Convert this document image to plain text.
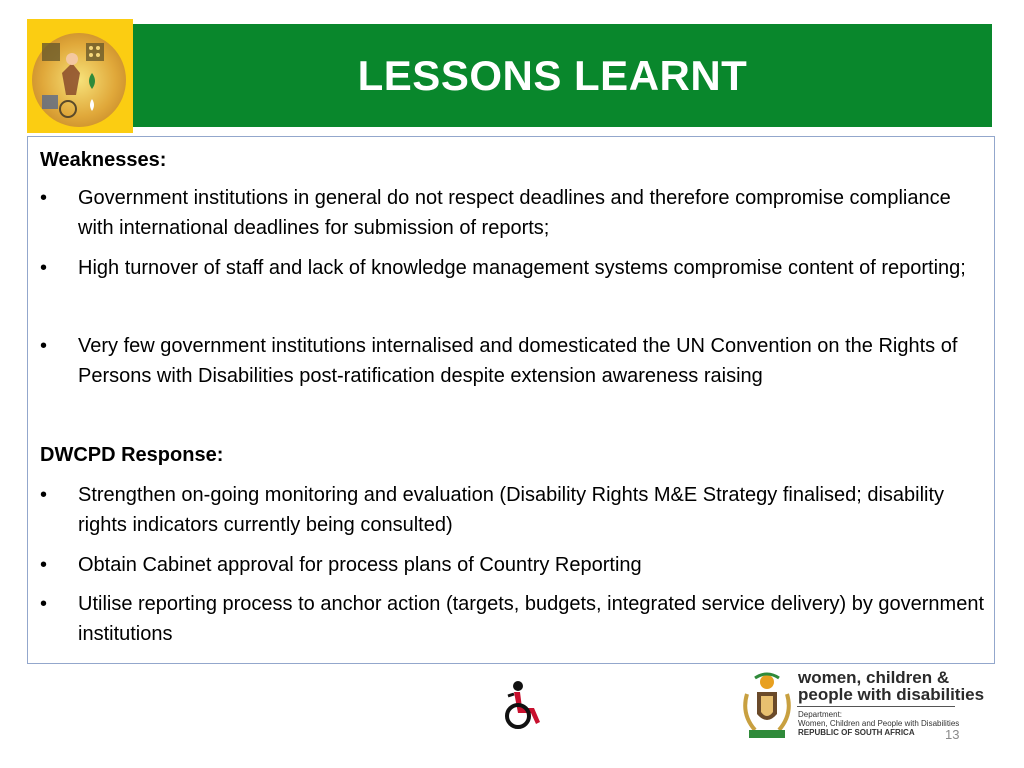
LESSONS LEARNT
Weaknesses:
•	Government institutions in general do not respect deadlines and therefore compromise compliance with international deadlines for submission of reports;
•	High turnover of staff and lack of knowledge management systems compromise content of reporting;
•	Very few government institutions internalised and domesticated the UN Convention on the Rights of Persons with Disabilities post-ratification despite extension awareness raising
DWCPD Response:
•	Strengthen on-going monitoring and evaluation (Disability Rights M&E Strategy finalised; disability rights indicators currently being consulted)
•	Obtain Cabinet approval for process plans of Country Reporting
•	Utilise reporting process to anchor action (targets, budgets, integrated service delivery) by government institutions
women, children &
people with disabilities
Department:
Women, Children and People with Disabilities
REPUBLIC OF SOUTH AFRICA	13
